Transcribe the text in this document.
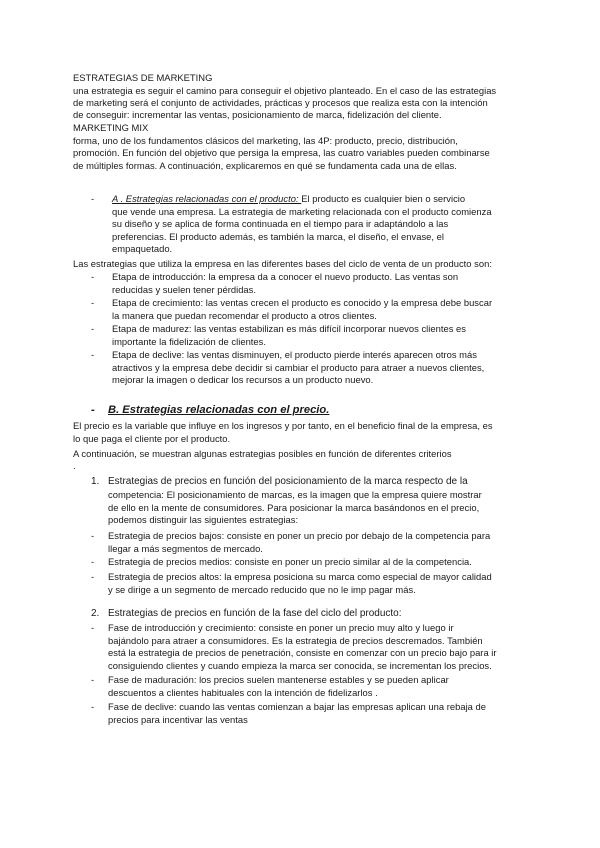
ESTRATEGIAS DE MARKETING
una estrategia es seguir el camino para conseguir el objetivo planteado. En el caso de las estrategias
de marketing será el conjunto de actividades, prácticas y procesos que realiza esta con la intención
de conseguir: incrementar las ventas, posicionamiento de marca, fidelización del cliente.
MARKETING MIX
forma, uno de los fundamentos clásicos del marketing, las 4P: producto, precio, distribución,
promoción. En función del objetivo que persiga la empresa, las cuatro variables pueden combinarse
de múltiples formas. A continuación, explicaremos en qué se fundamenta cada una de ellas.
- A . Estrategias relacionadas con el producto: El producto es cualquier bien o servicio
que vende una empresa. La estrategia de marketing relacionada con el producto comienza
su diseño y se aplica de forma continuada en el tiempo para ir adaptándolo a las
preferencias. El producto además, es también la marca, el diseño, el envase, el
empaquetado.
Las estrategias que utiliza la empresa en las diferentes bases del ciclo de venta de un producto son:
- Etapa de introducción: la empresa da a conocer el nuevo producto. Las ventas son
reducidas y suelen tener pérdidas.
- Etapa de crecimiento: las ventas crecen el producto es conocido y la empresa debe buscar
la manera que puedan recomendar el producto a otros clientes.
- Etapa de madurez: las ventas estabilizan es más difícil incorporar nuevos clientes es
importante la fidelización de clientes.
- Etapa de declive: las ventas disminuyen, el producto pierde interés aparecen otros más
atractivos y la empresa debe decidir si cambiar el producto para atraer a nuevos clientes,
mejorar la imagen o dedicar los recursos a un producto nuevo.
- B. Estrategias relacionadas con el precio.
El precio es la variable que influye en los ingresos y por tanto, en el beneficio final de la empresa, es
lo que paga el cliente por el producto.
A continuación, se muestran algunas estrategias posibles en función de diferentes criterios
.
1. Estrategias de precios en función del posicionamiento de la marca respecto de la
competencia: El posicionamiento de marcas, es la imagen que la empresa quiere mostrar
de ello en la mente de consumidores. Para posicionar la marca basándonos en el precio,
podemos distinguir las siguientes estrategias:
- Estrategia de precios bajos: consiste en poner un precio por debajo de la competencia para
llegar a más segmentos de mercado.
- Estrategia de precios medios: consiste en poner un precio similar al de la competencia.
- Estrategia de precios altos: la empresa posiciona su marca como especial de mayor calidad
y se dirige a un segmento de mercado reducido que no le imp pagar más.
2. Estrategias de precios en función de la fase del ciclo del producto:
- Fase de introducción y crecimiento: consiste en poner un precio muy alto y luego ir
bajándolo para atraer a consumidores. Es la estrategia de precios descremados. También
está la estrategia de precios de penetración, consiste en comenzar con un precio bajo para ir
consiguiendo clientes y cuando empieza la marca ser conocida, se incrementan los precios.
- Fase de maduración: los precios suelen mantenerse estables y se pueden aplicar
descuentos a clientes habituales con la intención de fidelizarlos .
- Fase de declive: cuando las ventas comienzan a bajar las empresas aplican una rebaja de
precios para incentivar las ventas
